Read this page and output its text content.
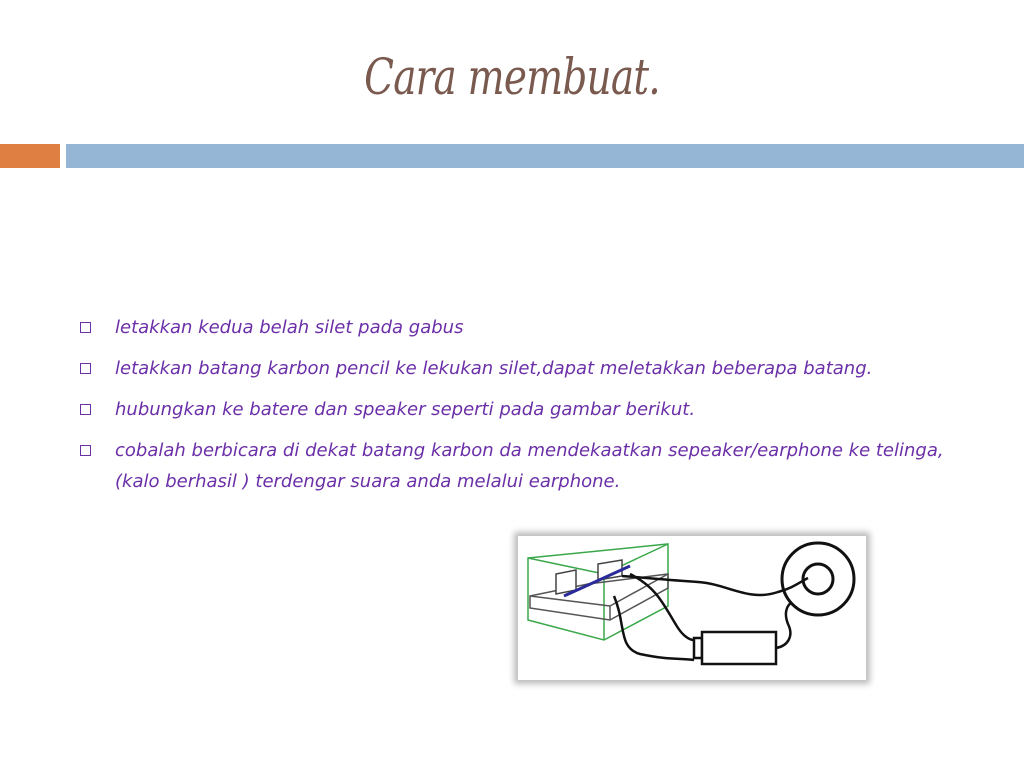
Cara membuat.
letakkan kedua belah silet pada gabus
letakkan batang karbon pencil ke lekukan silet,dapat meletakkan beberapa batang.
hubungkan ke batere dan speaker seperti pada gambar berikut.
cobalah berbicara di dekat batang karbon da mendekaatkan sepeaker/earphone ke telinga, (kalo berhasil ) terdengar suara anda melalui earphone.
